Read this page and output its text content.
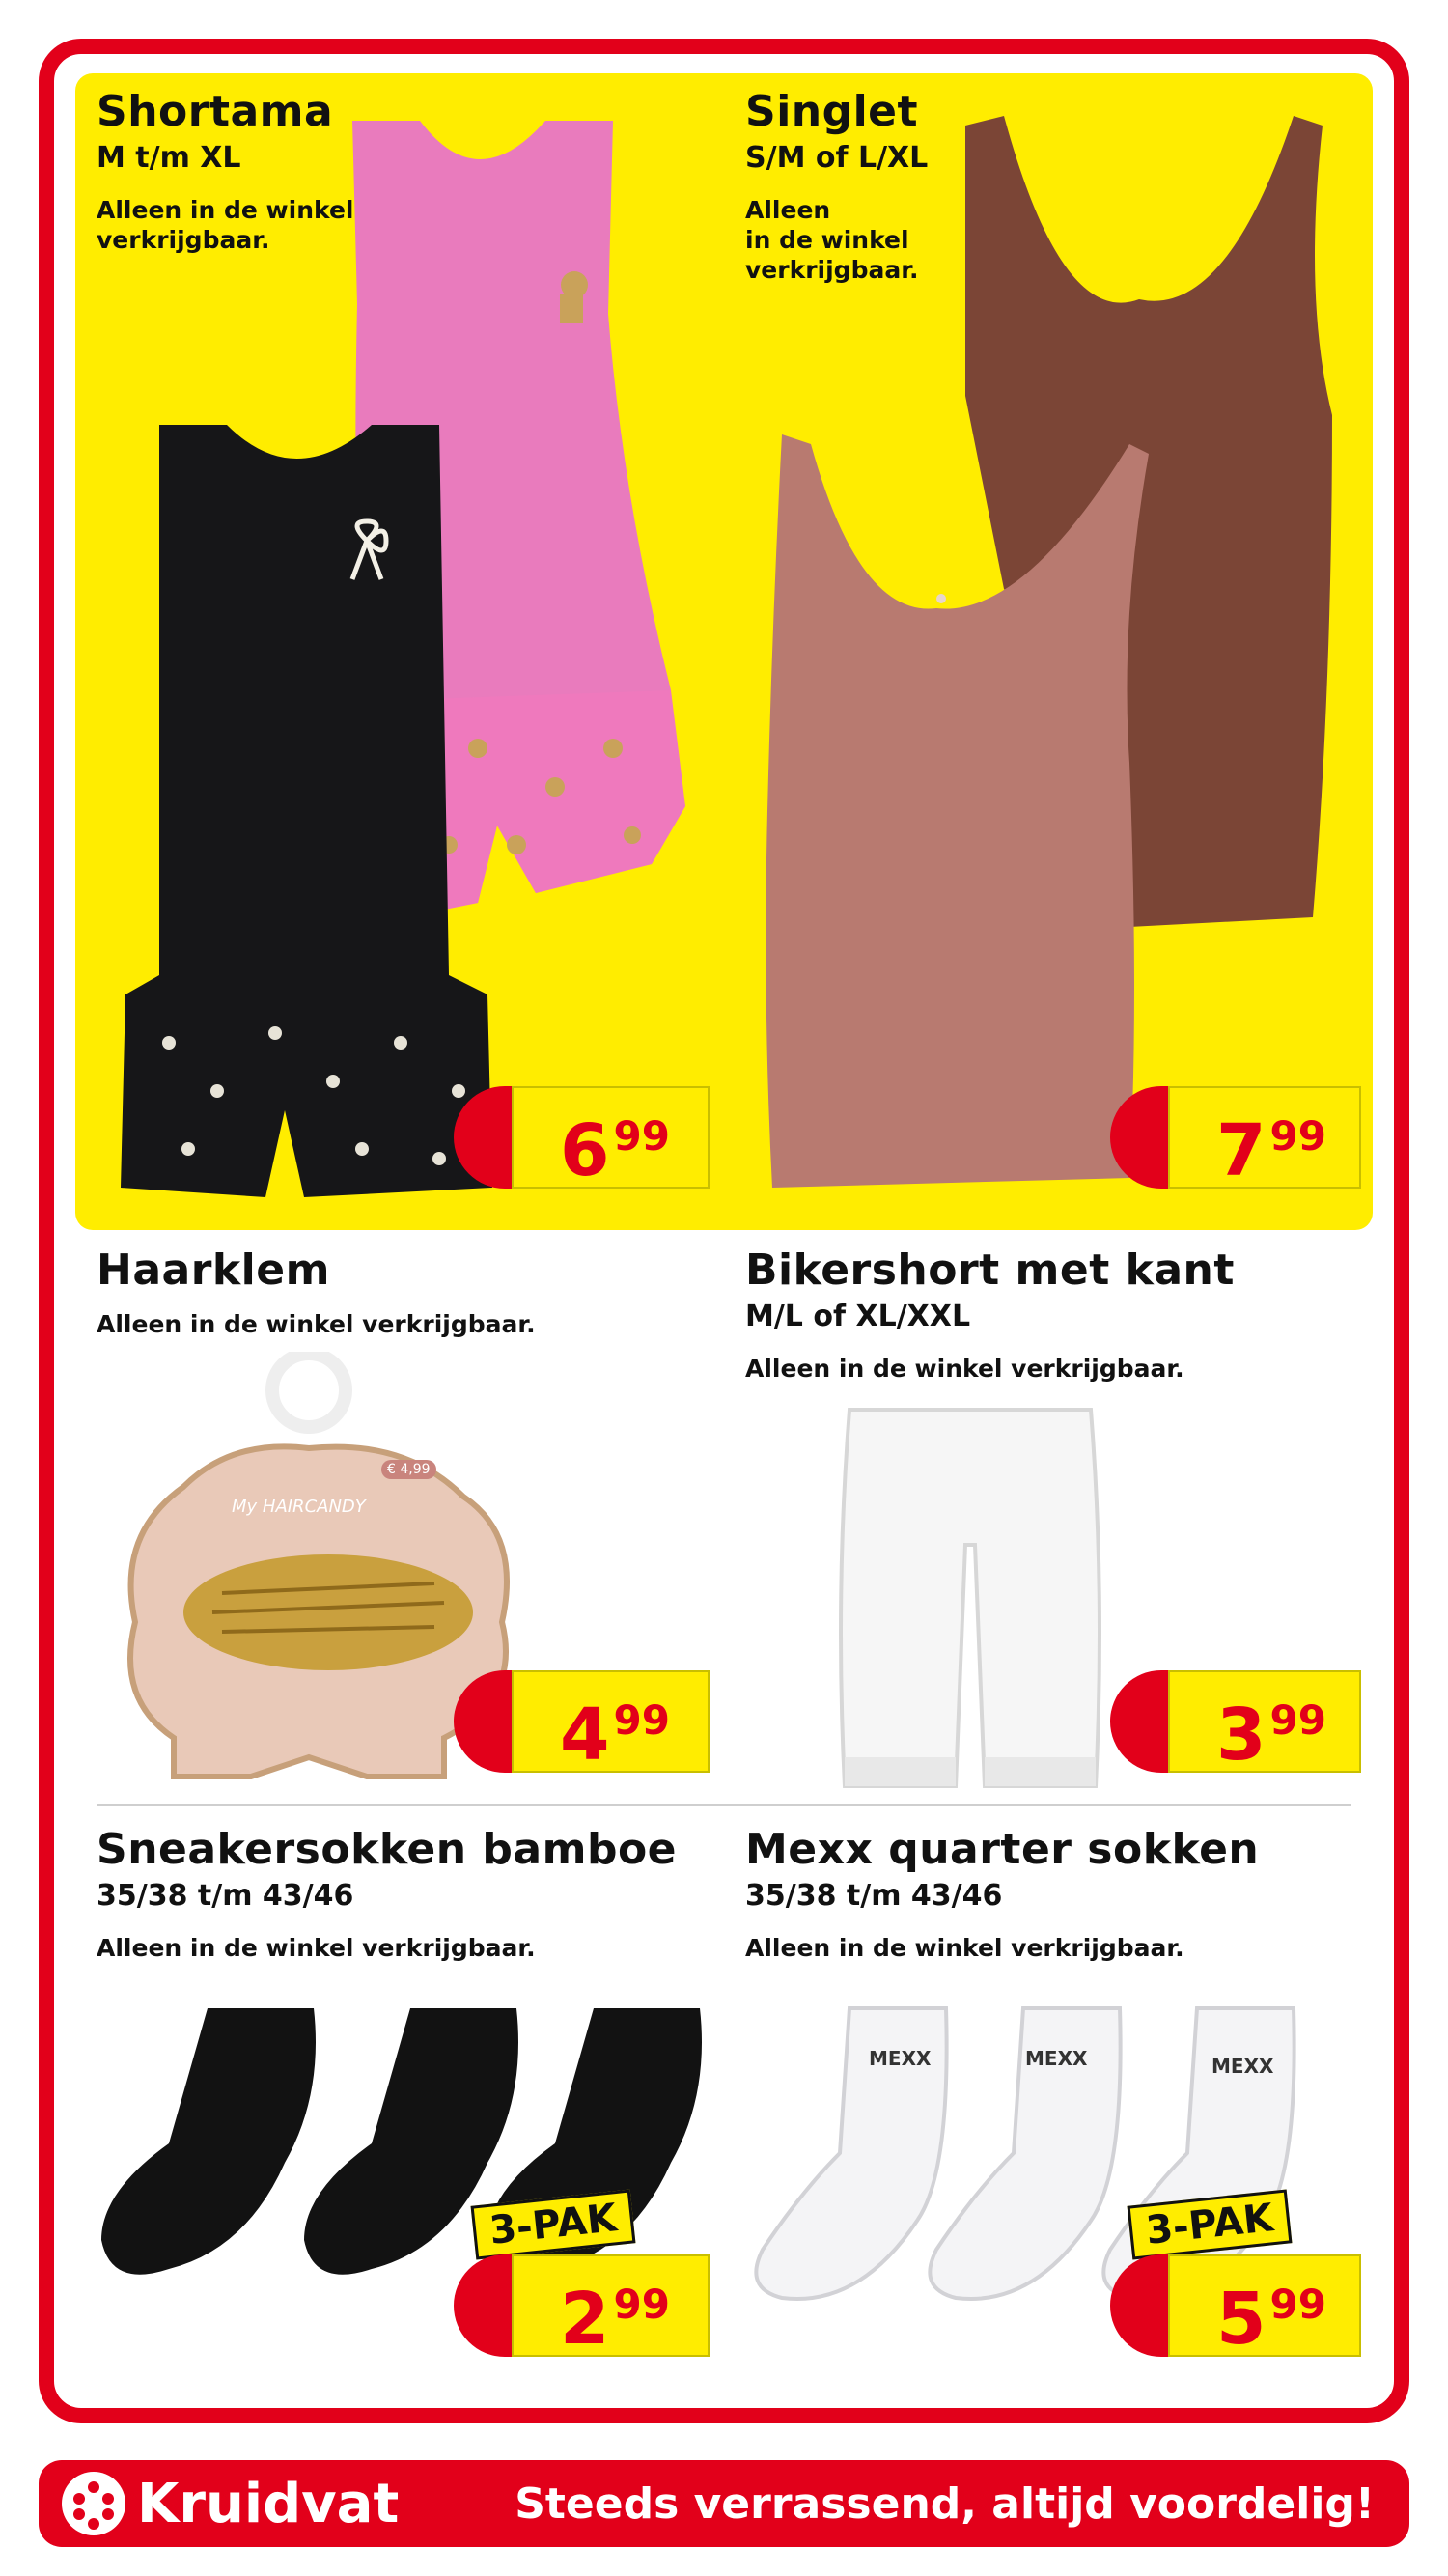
Shortama
M t/m XL
Alleen in de winkel
verkrijgbaar.
$6^{99}$
Singlet
S/M of L/XL
Alleen
in de winkel
verkrijgbaar.
$7^{99}$
Haarklem
Alleen in de winkel verkrijgbaar.
€ 4,99
My HAIRCANDY
$4^{99}$
Bikershort met kant
M/L of XL/XXL
Alleen in de winkel verkrijgbaar.
$3^{99}$
Sneakersokken bamboe
35/38 t/m 43/46
Alleen in de winkel verkrijgbaar.
3-PAK
$2^{99}$
Mexx quarter sokken
35/38 t/m 43/46
Alleen in de winkel verkrijgbaar.
MEXX	MEXX	MEXX
3-PAK
$5^{99}$
Kruidvat	Steeds verrassend, altijd voordelig!
